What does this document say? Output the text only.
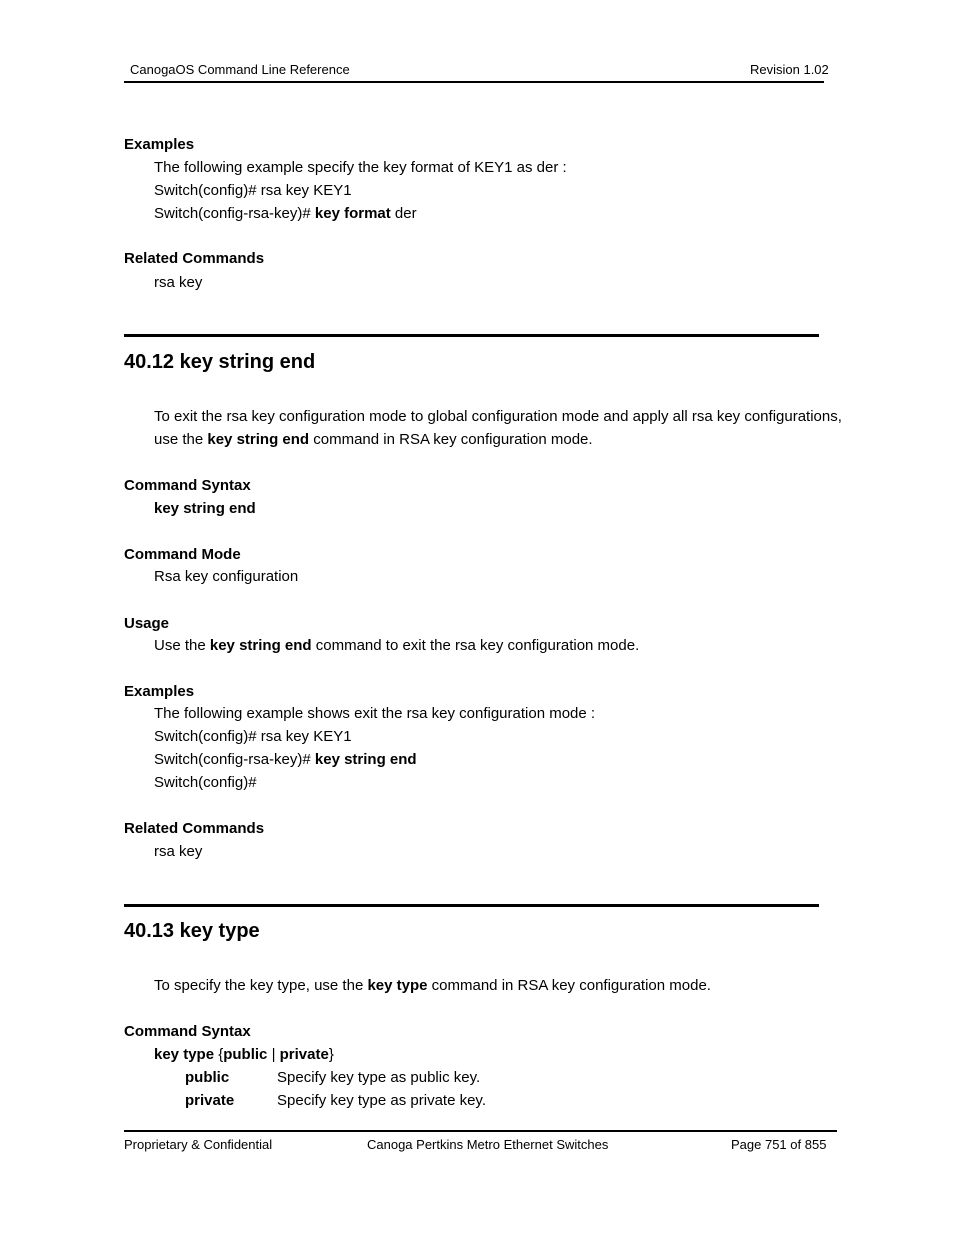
CanogaOS Command Line Reference	Revision 1.02
Examples
The following example specify the key format of KEY1 as der :
Switch(config)# rsa key KEY1
Switch(config-rsa-key)# key format der
Related Commands
rsa key
40.12 key string end
To exit the rsa key configuration mode to global configuration mode and apply all rsa key configurations,
use the key string end command in RSA key configuration mode.
Command Syntax
key string end
Command Mode
Rsa key configuration
Usage
Use the key string end command to exit the rsa key configuration mode.
Examples
The following example shows exit the rsa key configuration mode :
Switch(config)# rsa key KEY1
Switch(config-rsa-key)# key string end
Switch(config)#
Related Commands
rsa key
40.13 key type
To specify the key type, use the key type command in RSA key configuration mode.
Command Syntax
key type {public | private}
public	Specify key type as public key.
private	Specify key type as private key.
Proprietary & Confidential	Canoga Pertkins Metro Ethernet Switches	Page 751 of 855
